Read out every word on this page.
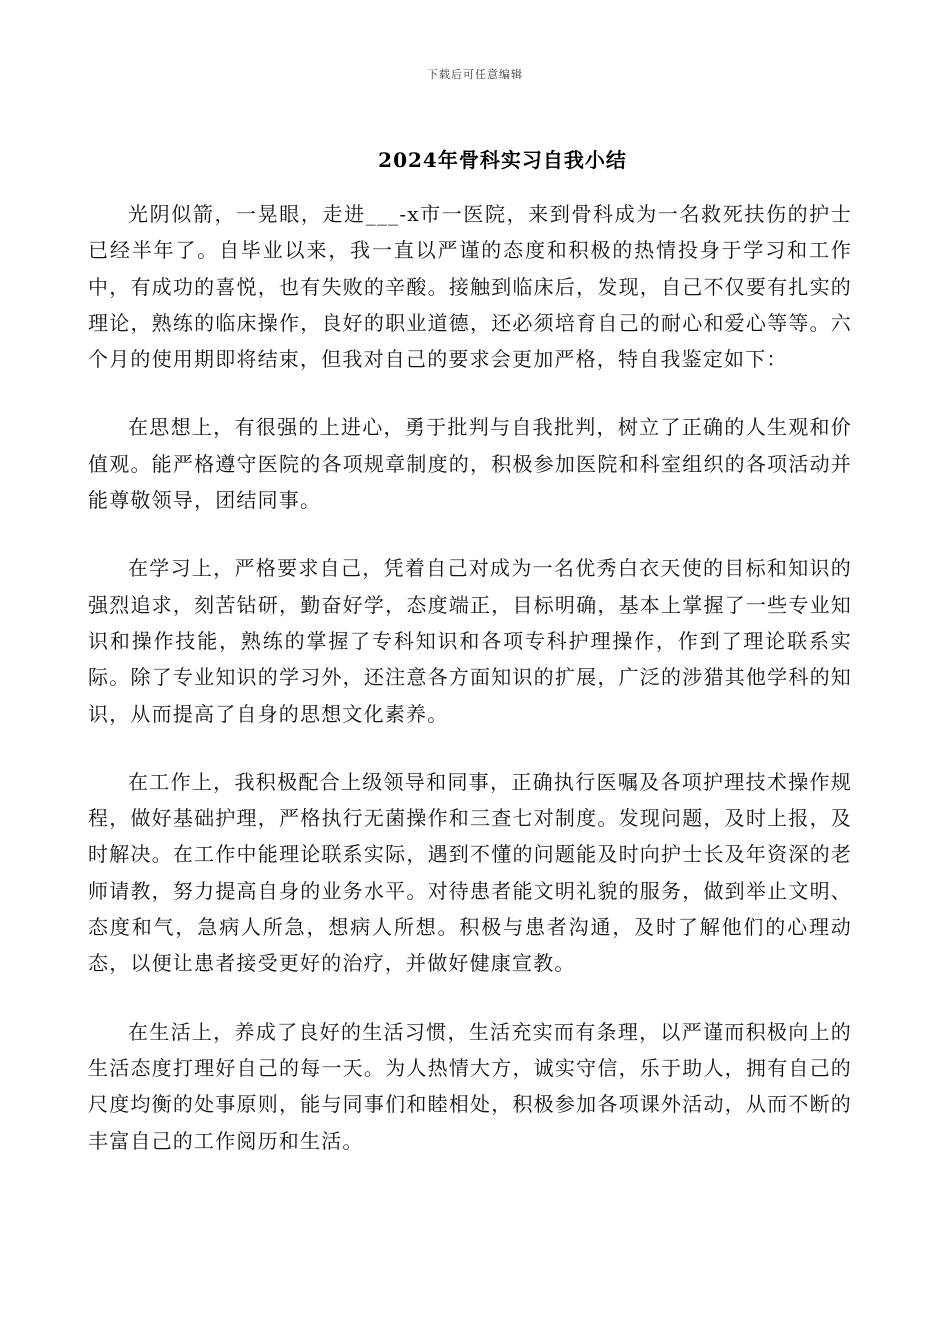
下载后可任意编辑
2024年骨科实习自我小结

光阴似箭，一晃眼，走进___-x市一医院，来到骨科成为一名救死扶伤的护士已经半年了。自毕业以来，我一直以严谨的态度和积极的热情投身于学习和工作中，有成功的喜悦，也有失败的辛酸。接触到临床后，发现，自己不仅要有扎实的理论，熟练的临床操作，良好的职业道德，还必须培育自己的耐心和爱心等等。六个月的使用期即将结束，但我对自己的要求会更加严格，特自我鉴定如下：

在思想上，有很强的上进心，勇于批判与自我批判，树立了正确的人生观和价值观。能严格遵守医院的各项规章制度的，积极参加医院和科室组织的各项活动并能尊敬领导，团结同事。

在学习上，严格要求自己，凭着自己对成为一名优秀白衣天使的目标和知识的强烈追求，刻苦钻研，勤奋好学，态度端正，目标明确，基本上掌握了一些专业知识和操作技能，熟练的掌握了专科知识和各项专科护理操作，作到了理论联系实际。除了专业知识的学习外，还注意各方面知识的扩展，广泛的涉猎其他学科的知识，从而提高了自身的思想文化素养。

在工作上，我积极配合上级领导和同事，正确执行医嘱及各项护理技术操作规程，做好基础护理，严格执行无菌操作和三查七对制度。发现问题，及时上报，及时解决。在工作中能理论联系实际，遇到不懂的问题能及时向护士长及年资深的老师请教，努力提高自身的业务水平。对待患者能文明礼貌的服务，做到举止文明、态度和气，急病人所急，想病人所想。积极与患者沟通，及时了解他们的心理动态，以便让患者接受更好的治疗，并做好健康宣教。

在生活上，养成了良好的生活习惯，生活充实而有条理，以严谨而积极向上的生活态度打理好自己的每一天。为人热情大方，诚实守信，乐于助人，拥有自己的尺度均衡的处事原则，能与同事们和睦相处，积极参加各项课外活动，从而不断的丰富自己的工作阅历和生活。
